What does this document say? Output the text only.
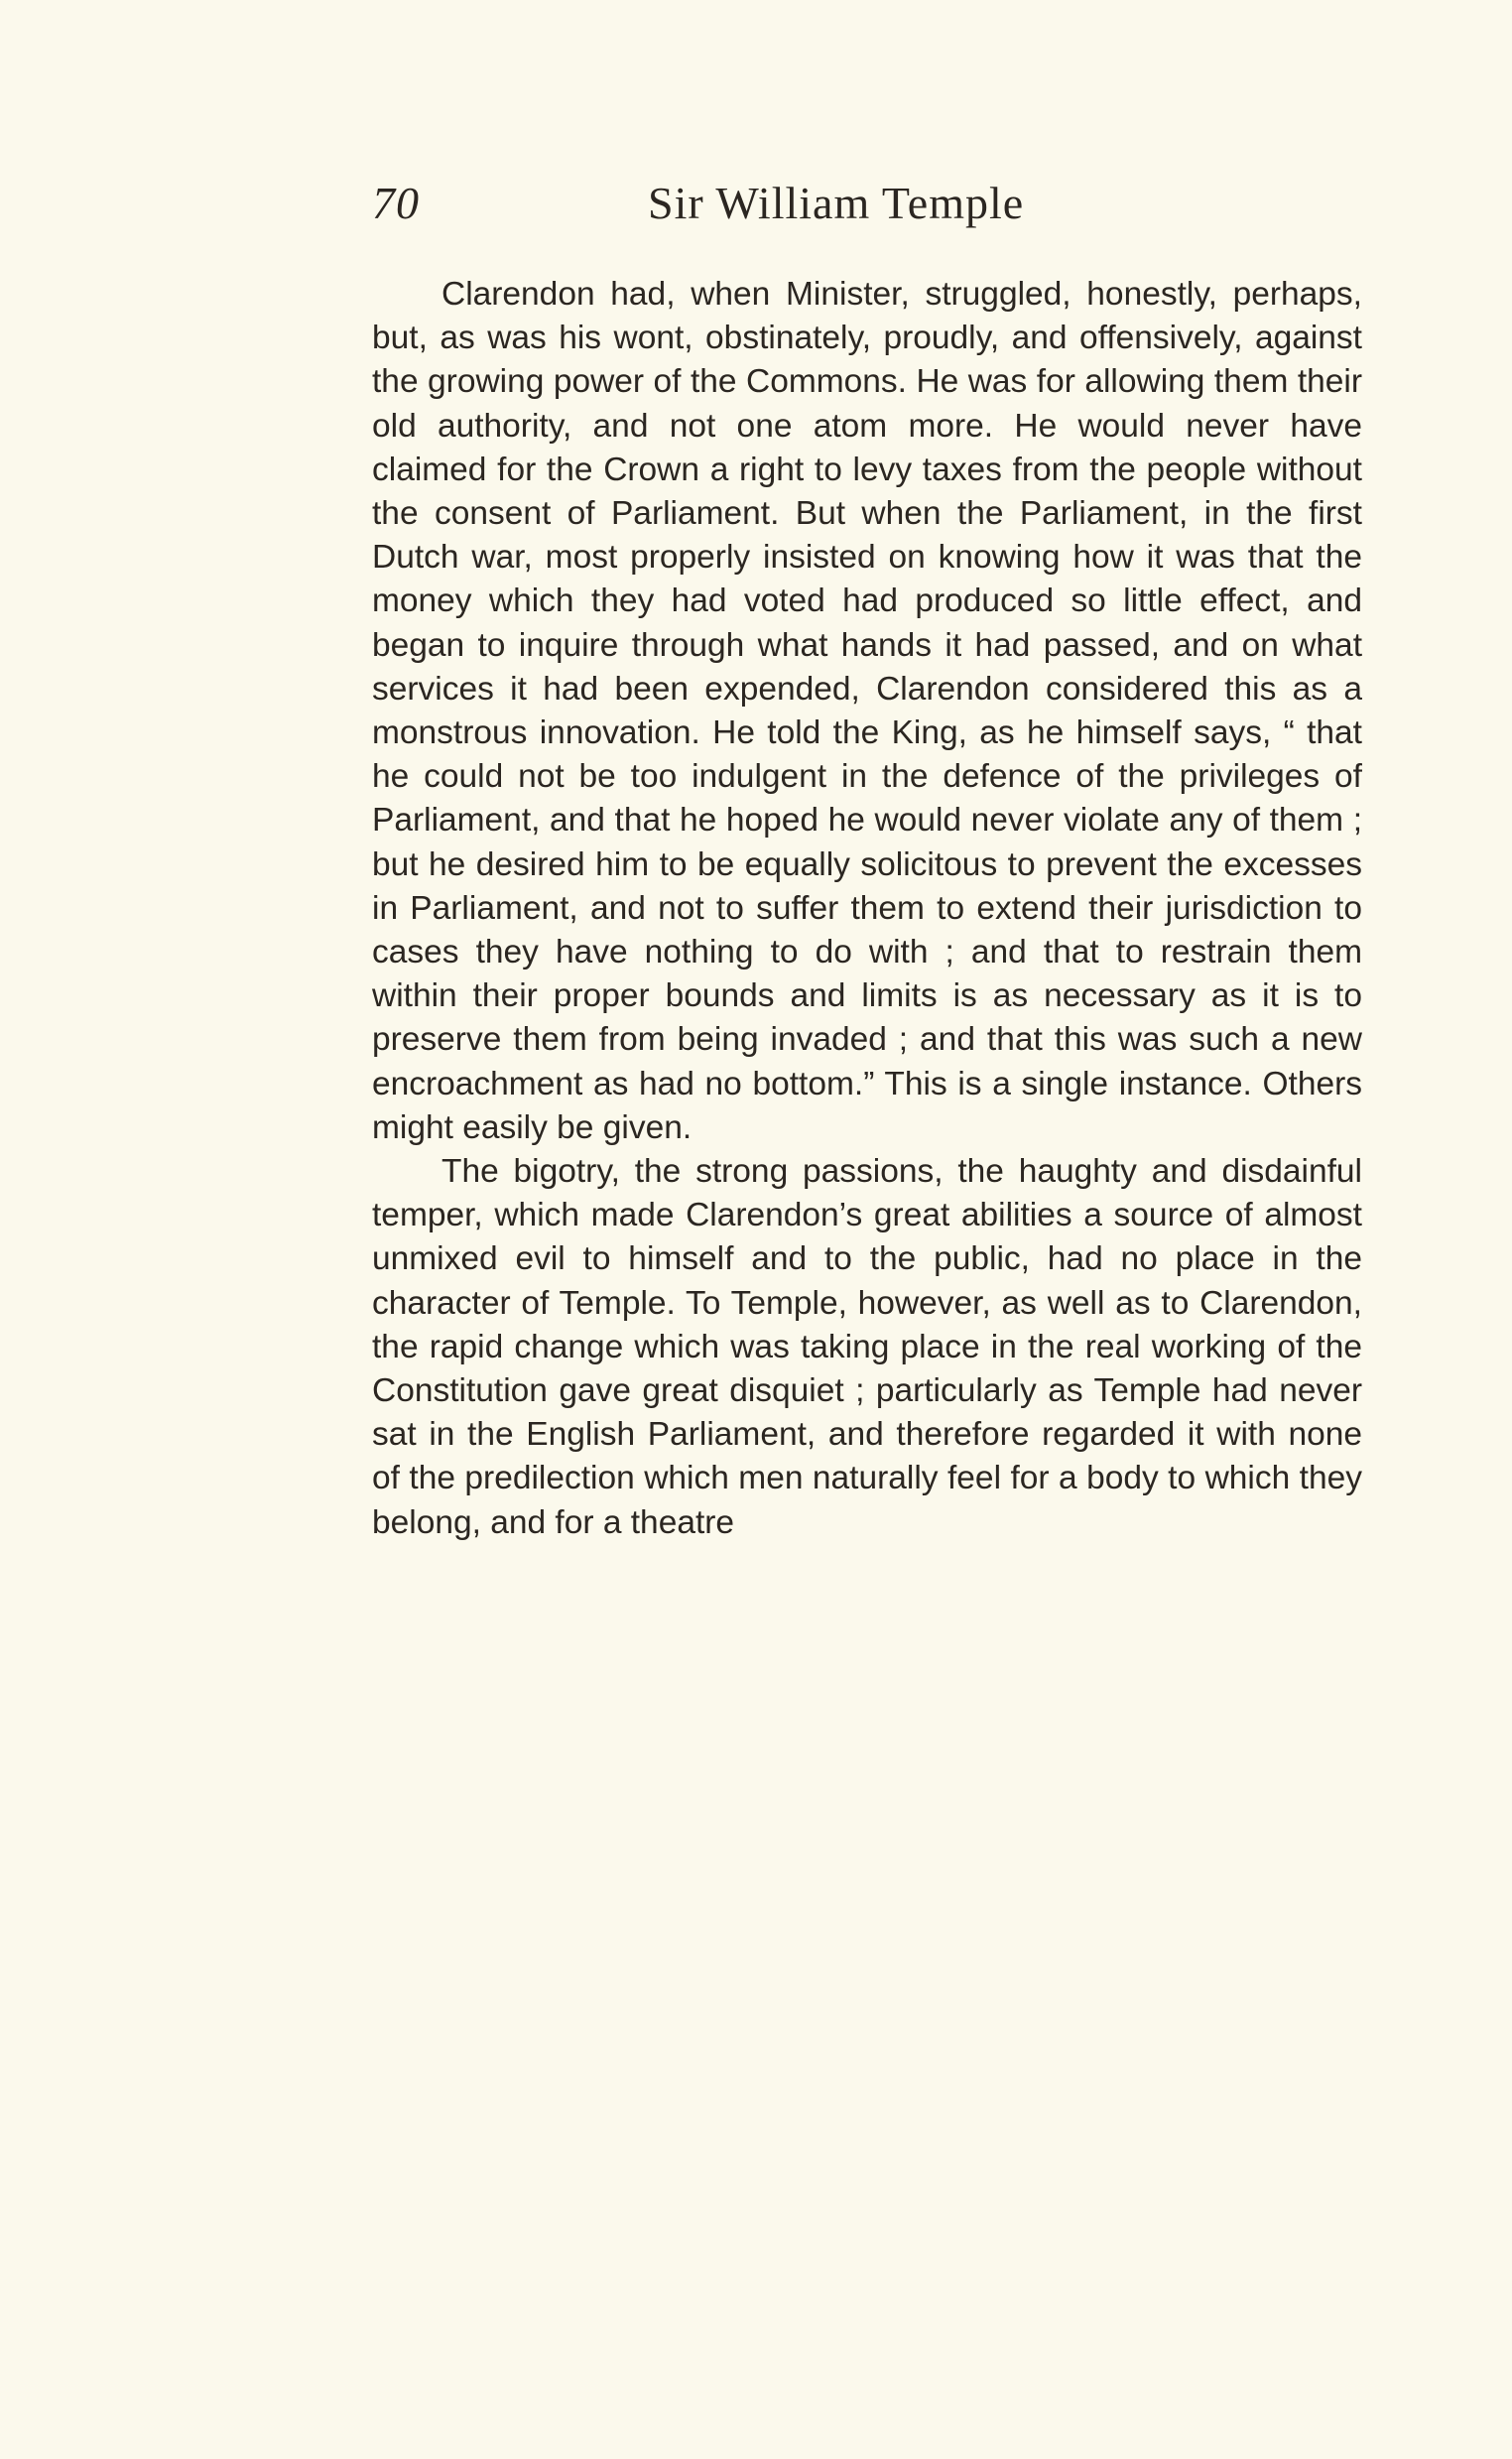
70	Sir William Temple

Clarendon had, when Minister, struggled, honestly, perhaps, but, as was his wont, obstinately, proudly, and offensively, against the growing power of the Commons. He was for allowing them their old authority, and not one atom more. He would never have claimed for the Crown a right to levy taxes from the people without the consent of Parliament. But when the Parliament, in the first Dutch war, most properly insisted on knowing how it was that the money which they had voted had produced so little effect, and began to inquire through what hands it had passed, and on what services it had been expended, Clarendon considered this as a monstrous innovation. He told the King, as he himself says, “ that he could not be too indulgent in the defence of the privileges of Parliament, and that he hoped he would never violate any of them ; but he desired him to be equally solicitous to prevent the excesses in Parliament, and not to suffer them to extend their jurisdiction to cases they have nothing to do with ; and that to restrain them within their proper bounds and limits is as necessary as it is to preserve them from being invaded ; and that this was such a new encroachment as had no bottom.” This is a single instance. Others might easily be given.

The bigotry, the strong passions, the haughty and disdainful temper, which made Clarendon’s great abilities a source of almost unmixed evil to himself and to the public, had no place in the character of Temple. To Temple, however, as well as to Clarendon, the rapid change which was taking place in the real working of the Constitution gave great disquiet ; particularly as Temple had never sat in the English Parliament, and therefore regarded it with none of the predilection which men naturally feel for a body to which they belong, and for a theatre
